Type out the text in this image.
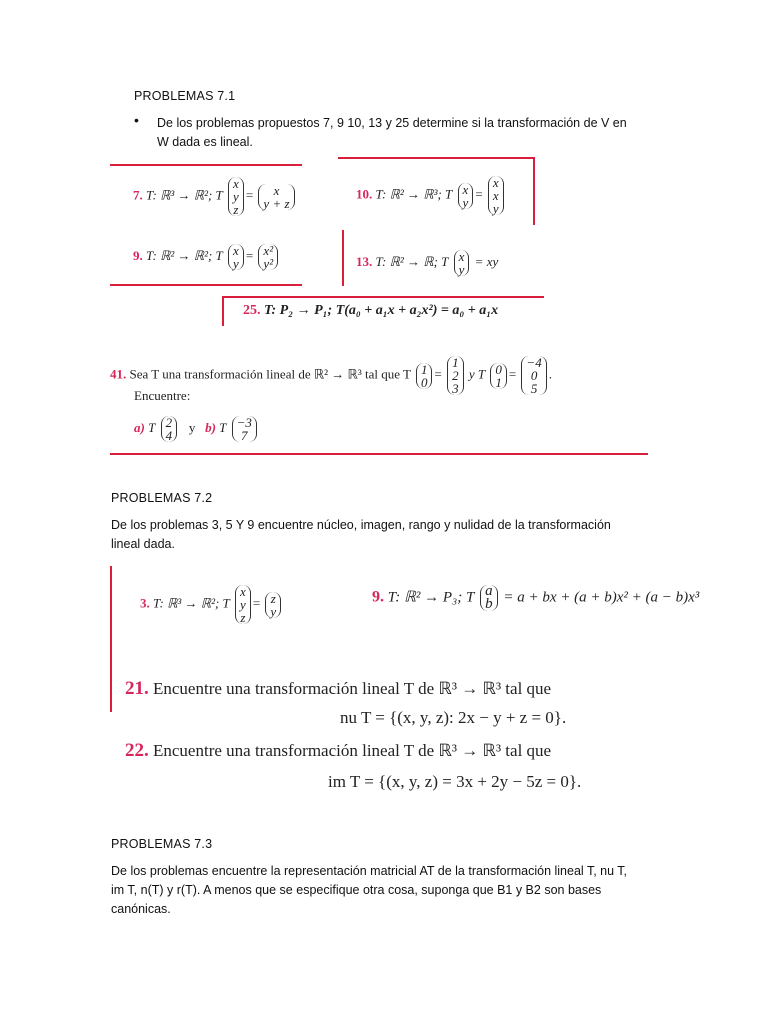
PROBLEMAS 7.1
• De los problemas propuestos 7, 9 10, 13 y 25 determine si la transformación de V en
W dada es lineal.
7. T: ℝ³ → ℝ²; T
x
y
z
=	x
y + z
9. T: ℝ² → ℝ²; T x
y
= x²
y²
10. T: ℝ² → ℝ³; T x
y
=
x
x
y
13. T: ℝ² → ℝ; T x
y
= xy
25. T: P₂ → P₁; T(a₀ + a₁x + a₂x²) = a₀ + a₁x
41. Sea T una transformación lineal de ℝ² → ℝ³ tal que T 1
0
=
1
2
3
y T 0
1
=
−4
0
5
.
Encuentre:
a) T 2
4
y b) T −3
7
PROBLEMAS 7.2
De los problemas 3, 5 Y 9 encuentre núcleo, imagen, rango y nulidad de la transformación
lineal dada.
3. T: ℝ³ → ℝ²; T
x
y
z
= z
y
9. T: ℝ² → P₃; T a
b = a + bx + (a + b)x² + (a − b)x³
21. Encuentre una transformación lineal T de ℝ³ → ℝ³ tal que
nu T = {(x, y, z): 2x − y + z = 0}.
22. Encuentre una transformación lineal T de ℝ³ → ℝ³ tal que
im T = {(x, y, z) = 3x + 2y − 5z = 0}.
PROBLEMAS 7.3
De los problemas encuentre la representación matricial AT de la transformación lineal T, nu T,
im T, n(T) y r(T). A menos que se especifique otra cosa, suponga que B1 y B2 son bases
canónicas.
